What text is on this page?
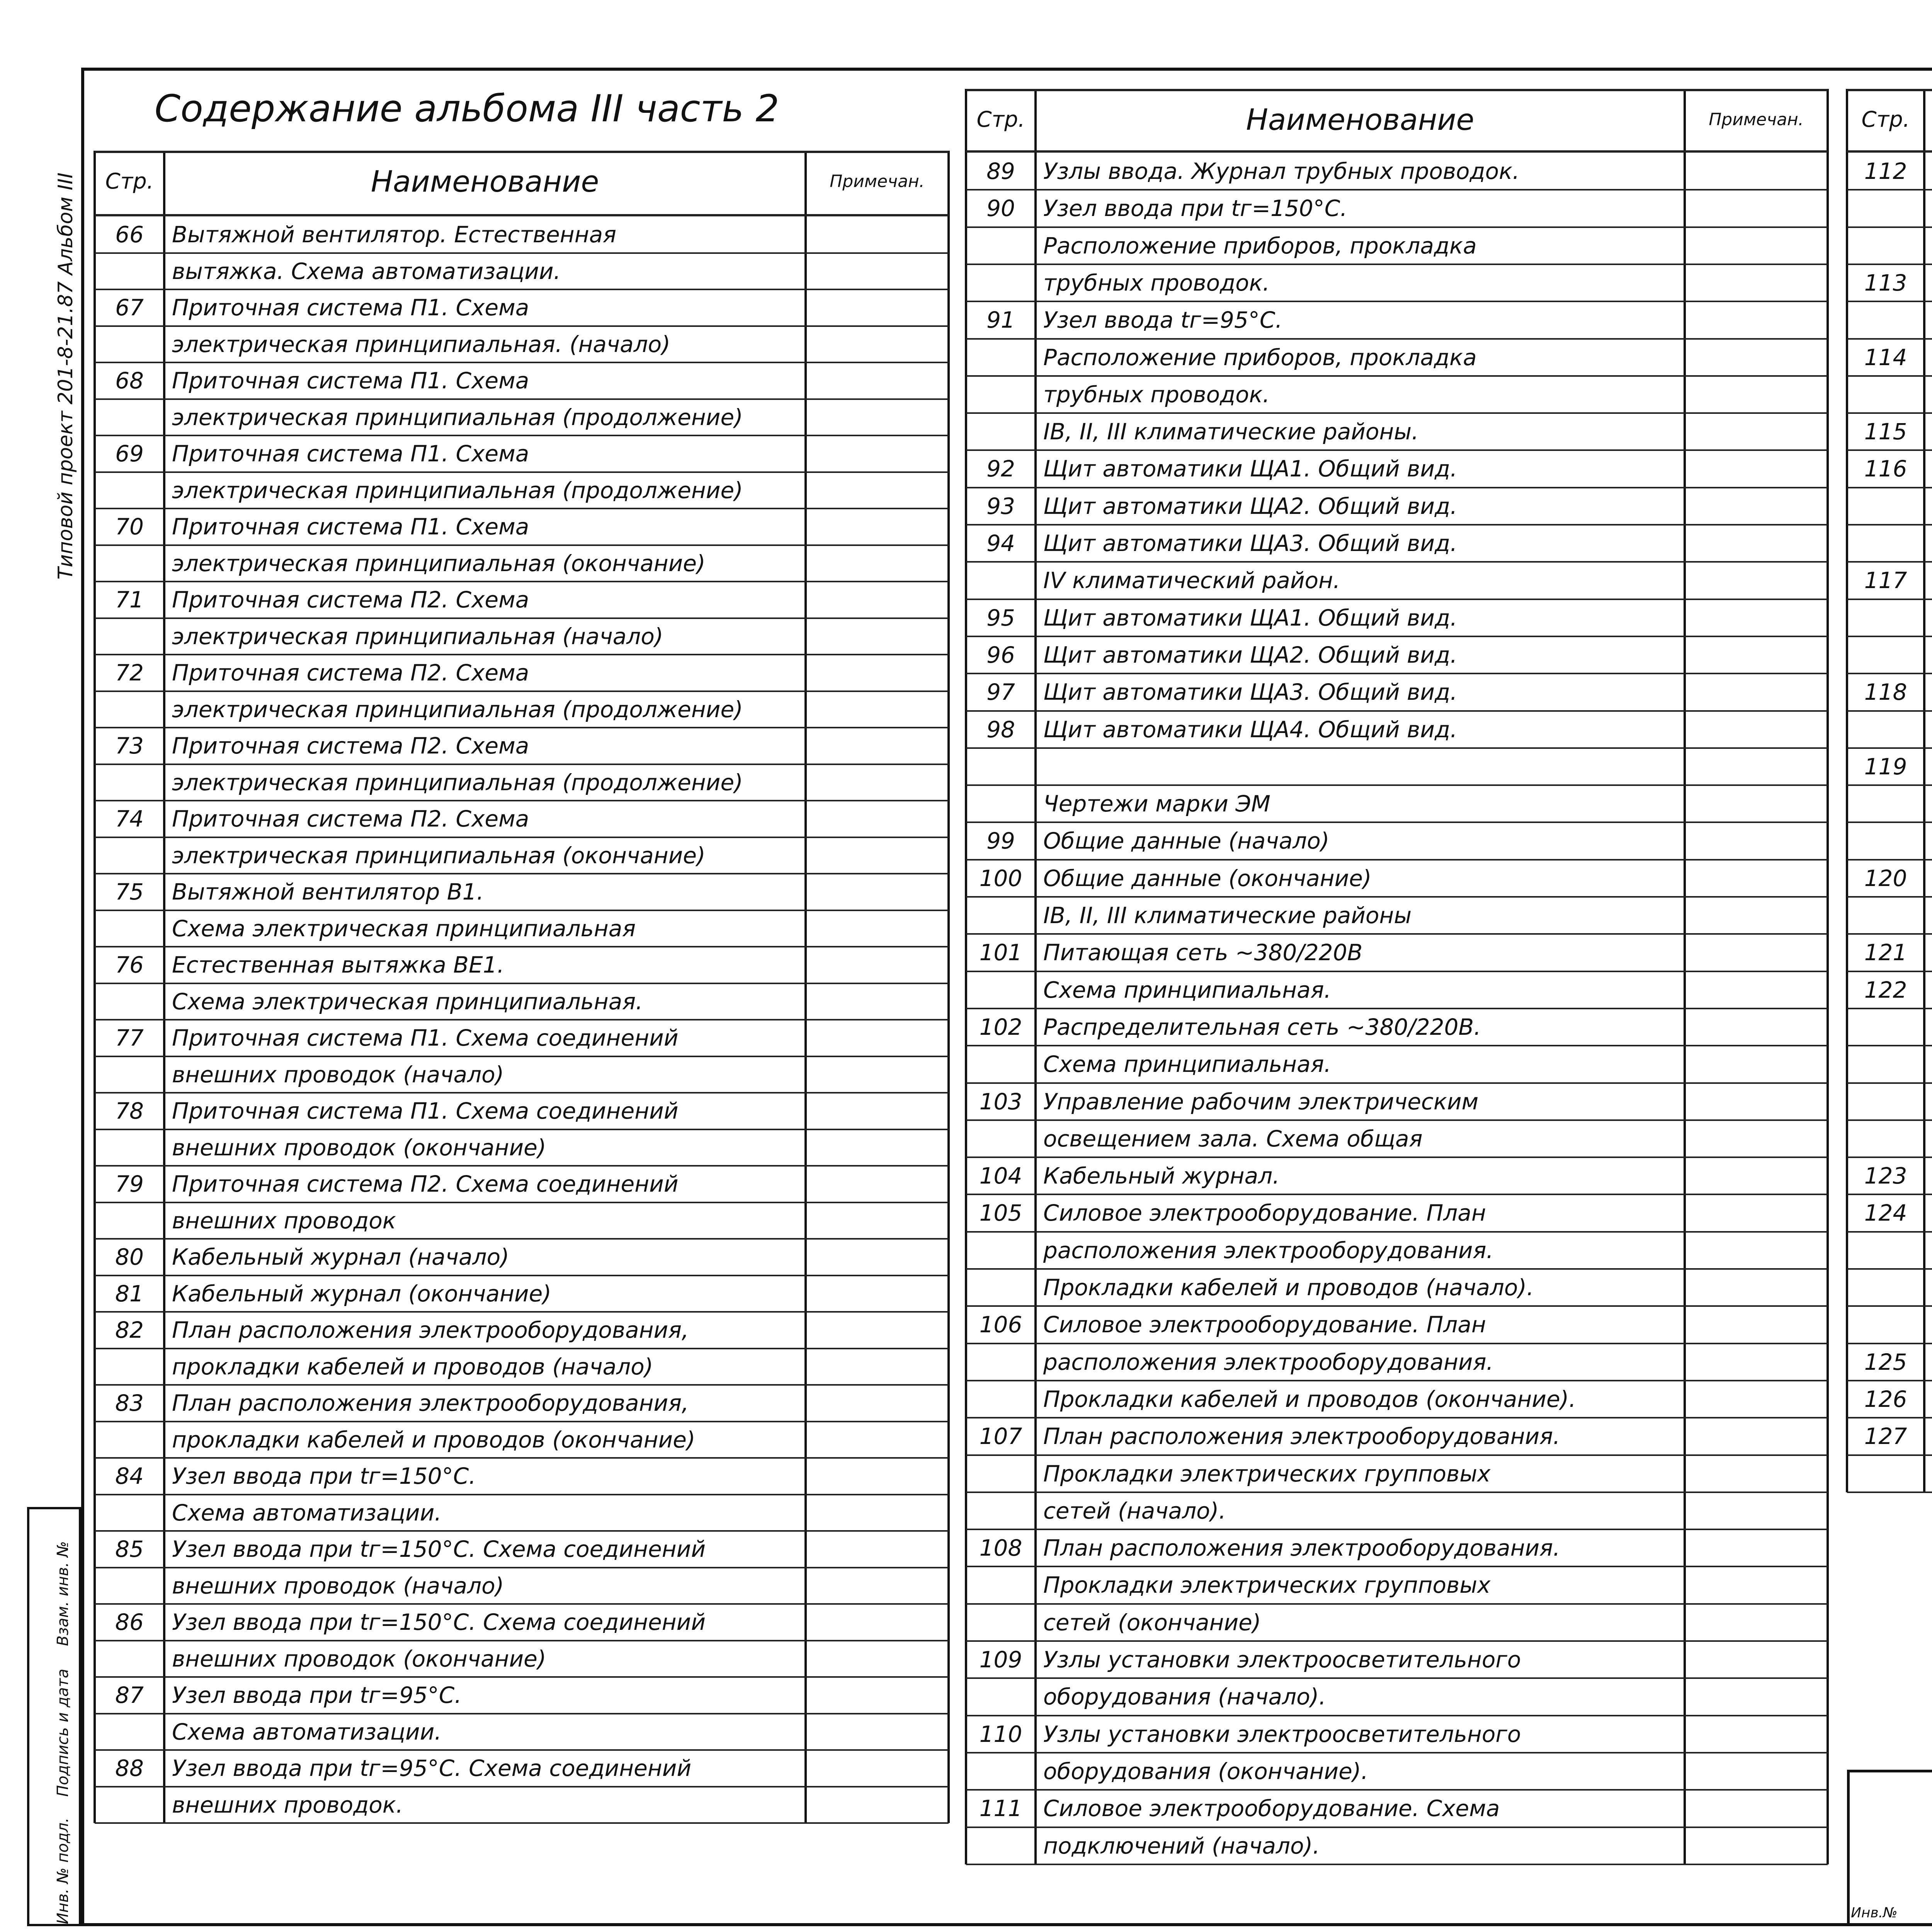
Типовой проект 201-8-21.87 Альбом III
Инв. № подл.
Подпись и дата
Взам. инв. №
Содержание альбома III часть 2
Стр.	Наименование	Примечан.
66	Вытяжной вентилятор. Естественная
вытяжка. Схема автоматизации.
67	Приточная система П1. Схема
электрическая принципиальная. (начало)
68	Приточная система П1. Схема
электрическая принципиальная (продолжение)
69	Приточная система П1. Схема
электрическая принципиальная (продолжение)
70	Приточная система П1. Схема
электрическая принципиальная (окончание)
71	Приточная система П2. Схема
электрическая принципиальная (начало)
72	Приточная система П2. Схема
электрическая принципиальная (продолжение)
73	Приточная система П2. Схема
электрическая принципиальная (продолжение)
74	Приточная система П2. Схема
электрическая принципиальная (окончание)
75	Вытяжной вентилятор В1.
Схема электрическая принципиальная
76	Естественная вытяжка ВЕ1.
Схема электрическая принципиальная.
77	Приточная система П1. Схема соединений
внешних проводок (начало)
78	Приточная система П1. Схема соединений
внешних проводок (окончание)
79	Приточная система П2. Схема соединений
внешних проводок
80	Кабельный журнал (начало)
81	Кабельный журнал (окончание)
82	План расположения электрооборудования,
прокладки кабелей и проводов (начало)
83	План расположения электрооборудования,
прокладки кабелей и проводов (окончание)
84	Узел ввода при tг=150°С.
Схема автоматизации.
85	Узел ввода при tг=150°С. Схема соединений
внешних проводок (начало)
86	Узел ввода при tг=150°С. Схема соединений
внешних проводок (окончание)
87	Узел ввода при tг=95°С.
Схема автоматизации.
88	Узел ввода при tг=95°С. Схема соединений
внешних проводок.
Стр.	Наименование	Примечан.
89	Узлы ввода. Журнал трубных проводок.
90	Узел ввода при tг=150°С.
Расположение приборов, прокладка
трубных проводок.
91	Узел ввода tг=95°С.
Расположение приборов, прокладка
трубных проводок.
IВ, II, III климатические районы.
92	Щит автоматики ЩА1. Общий вид.
93	Щит автоматики ЩА2. Общий вид.
94	Щит автоматики ЩА3. Общий вид.
IV климатический район.
95	Щит автоматики ЩА1. Общий вид.
96	Щит автоматики ЩА2. Общий вид.
97	Щит автоматики ЩА3. Общий вид.
98	Щит автоматики ЩА4. Общий вид.
Чертежи марки ЭМ
99	Общие данные (начало)
100 Общие данные (окончание)
IВ, II, III климатические районы
101 Питающая сеть ~380/220В
Схема принципиальная.
102 Распределительная сеть ~380/220В.
Схема принципиальная.
103 Управление рабочим электрическим
освещением зала. Схема общая
104 Кабельный журнал.
105 Силовое электрооборудование. План
расположения электрооборудования.
Прокладки кабелей и проводов (начало).
106 Силовое электрооборудование. План
расположения электрооборудования.
Прокладки кабелей и проводов (окончание).
107 План расположения электрооборудования.
Прокладки электрических групповых
сетей (начало).
108 План расположения электрооборудования.
Прокладки электрических групповых
сетей (окончание)
109 Узлы установки электроосветительного
оборудования (начало).
110 Узлы установки электроосветительного
оборудования (окончание).
111 Силовое электрооборудование. Схема
подключений (начало).
Стр.
112
113
114
115
116
117
118
119
120
121
122
123
124
125
126
127
Инв.№
